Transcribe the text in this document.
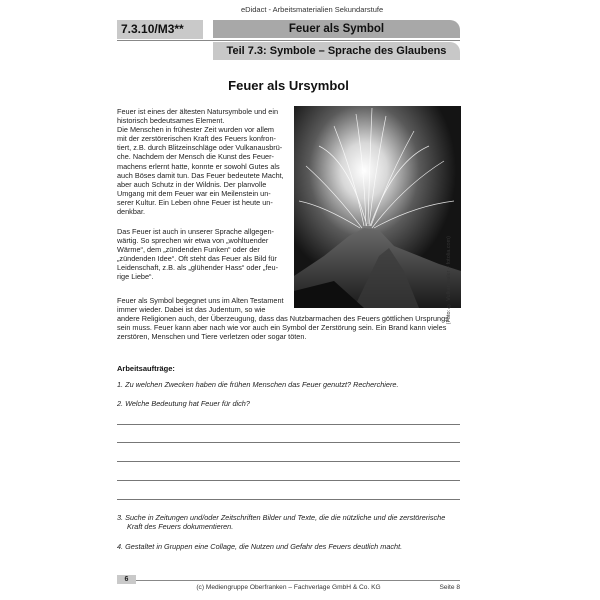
eDidact - Arbeitsmaterialien Sekundarstufe
7.3.10/M3**	Feuer als Symbol
Teil 7.3: Symbole – Sprache des Glaubens
Feuer als Ursymbol
Feuer ist eines der ältesten Natursymbole und ein
historisch bedeutsames Element.
Die Menschen in frühester Zeit wurden vor allem
mit der zerstörerischen Kraft des Feuers konfron-
tiert, z.B. durch Blitzeinschläge oder Vulkanausbrü-
che. Nachdem der Mensch die Kunst des Feuer-
machens erlernt hatte, konnte er sowohl Gutes als
auch Böses damit tun. Das Feuer bedeutete Macht,
aber auch Schutz in der Wildnis. Der planvolle
Umgang mit dem Feuer war ein Meilenstein un-
serer Kultur. Ein Leben ohne Feuer ist heute un-
denkbar.
Das Feuer ist auch in unserer Sprache allgegen-
wärtig. So sprechen wir etwa von „wohltuender
Wärme“, dem „zündenden Funken“ oder der
„zündenden Idee“. Oft steht das Feuer als Bild für
Leidenschaft, z.B. als „glühender Hass“ oder „feu-
rige Liebe“.
Feuer als Symbol begegnet uns im Alten Testament
immer wieder. Dabei ist das Judentum, so wie
andere Religionen auch, der Überzeugung, dass das Nutzbarmachen des Feuers göttlichen Ursprungs
sein muss. Feuer kann aber nach wie vor auch ein Symbol der Zerstörung sein. Ein Brand kann vieles
zerstören, Menschen und Tiere verletzen oder sogar töten.
(Foto: © Vulkanmaler – fotolia.com)
Arbeitsaufträge:
1. Zu welchen Zwecken haben die frühen Menschen das Feuer genutzt? Recherchiere.
2. Welche Bedeutung hat Feuer für dich?
3. Suche in Zeitungen und/oder Zeitschriften Bilder und Texte, die die nützliche und die zerstörerische
Kraft des Feuers dokumentieren.
4. Gestaltet in Gruppen eine Collage, die Nutzen und Gefahr des Feuers deutlich macht.
6
(c) Mediengruppe Oberfranken – Fachverlage GmbH & Co. KG	Seite 8
